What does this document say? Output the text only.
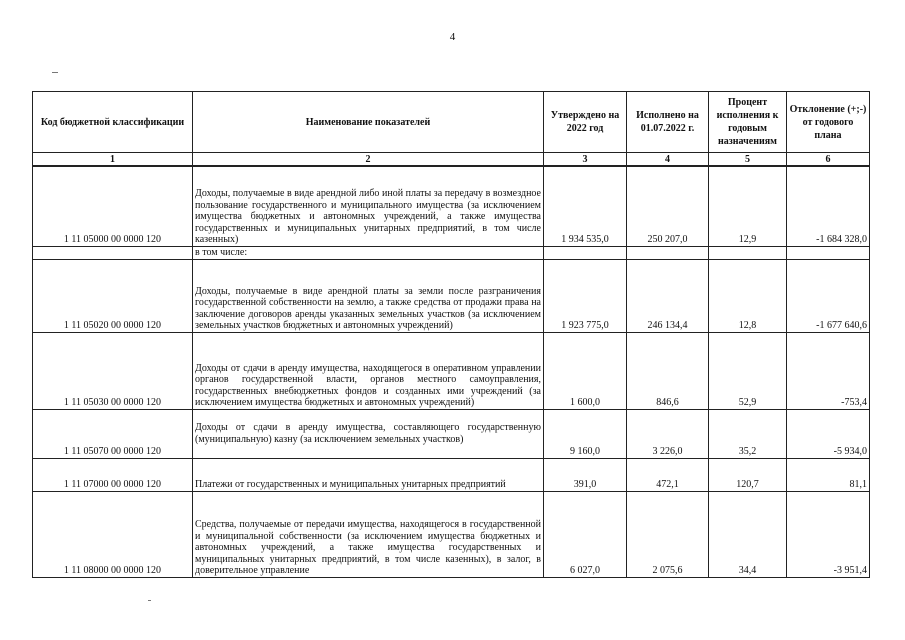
4
Код бюджетной классификации	Наименование показателей	Утверждено на 2022 год	Исполнено на 01.07.2022 г.	Процент исполнения к годовым назначениям	Отклонение (+;-) от годового плана
1	2	3	4	5	6
1 11 05000 00 0000 120	Доходы, получаемые в виде арендной либо иной платы за передачу в возмездное пользование государственного и муниципального имущества (за исключением имущества бюджетных и автономных учреждений, а также имущества государственных и муниципальных унитарных предприятий, в том числе казенных)	1 934 535,0	250 207,0	12,9	-1 684 328,0
	в том числе:				
1 11 05020 00 0000 120	Доходы, получаемые в виде арендной платы за земли после разграничения государственной собственности на землю, а также средства от продажи права на заключение договоров аренды указанных земельных участков (за исключением земельных участков бюджетных и автономных учреждений)	1 923 775,0	246 134,4	12,8	-1 677 640,6
1 11 05030 00 0000 120	Доходы от сдачи в аренду имущества, находящегося в оперативном управлении органов государственной власти, органов местного самоуправления, государственных внебюджетных фондов и созданных ими учреждений (за исключением имущества бюджетных и автономных учреждений)	1 600,0	846,6	52,9	-753,4
1 11 05070 00 0000 120	Доходы от сдачи в аренду имущества, составляющего государственную (муниципальную) казну (за исключением земельных участков)	9 160,0	3 226,0	35,2	-5 934,0
1 11 07000 00 0000 120	Платежи от государственных и муниципальных унитарных предприятий	391,0	472,1	120,7	81,1
1 11 08000 00 0000 120	Средства, получаемые от передачи имущества, находящегося в государственной и муниципальной собственности (за исключением имущества бюджетных и автономных учреждений, а также имущества государственных и муниципальных унитарных предприятий, в том числе казенных), в залог, в доверительное управление	6 027,0	2 075,6	34,4	-3 951,4
